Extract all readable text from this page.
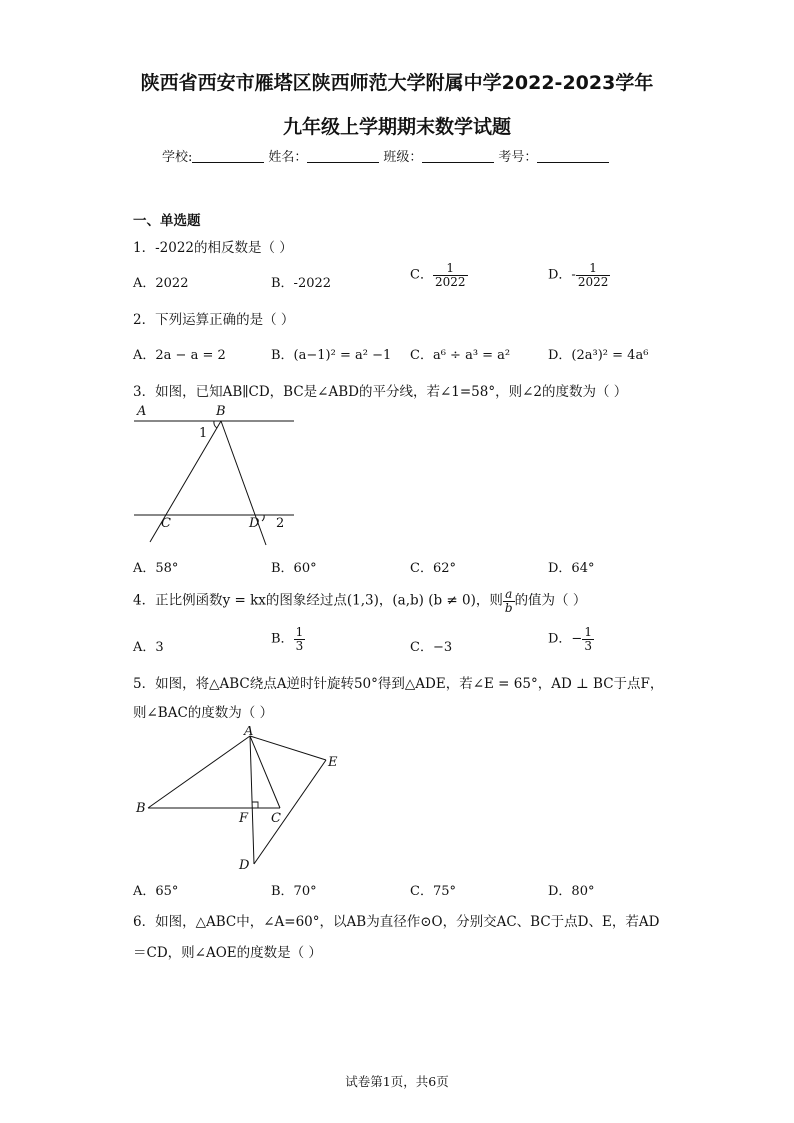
陕西省西安市雁塔区陕西师范大学附属中学2022-2023学年
九年级上学期期末数学试题
学校:	姓名：	班级：	考号：
一、单选题
1．-2022的相反数是（ ）
A．2022	B．-2022
C． $\frac{1}{2022}$	D．- $\frac{1}{2022}$
2．下列运算正确的是（ ）
A．2a − a = 2	B．(a−1)² = a² −1 C．a⁶ ÷ a³ = a²	D．(2a³)² = 4a⁶
3．如图，已知AB∥CD，BC是∠ABD的平分线，若∠1=58°，则∠2的度数为（ ）
A	B
C	D
1
2
A．58°	B．60°	C．62°	D．64°
4．正比例函数y = kx的图象经过点(1,3)，(a,b) (b ≠ 0)，则 $\frac{a}{b}$ 的值为（ ）
A．3
B． $\frac{1}{3}$	C．−3
D．− $\frac{1}{3}$
5．如图，将△ABC绕点A逆时针旋转50°得到△ADE，若∠E = 65°，AD ⊥ BC于点F，
则∠BAC的度数为（ ）
A
B
C
D
E
F
A．65°	B．70°	C．75°	D．80°
6．如图，△ABC中，∠A=60°，以AB为直径作⊙O，分别交AC、BC于点D、E，若AD
＝CD，则∠AOE的度数是（ ）
试卷第1页，共6页
